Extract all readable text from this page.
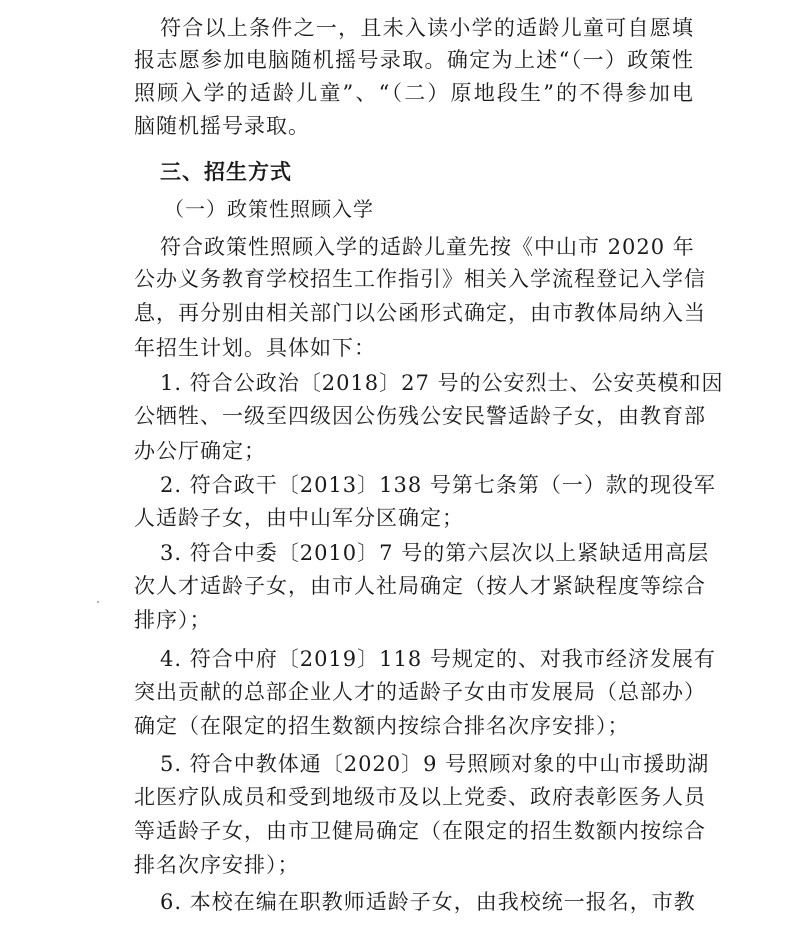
符合以上条件之一，且未入读小学的适龄儿童可自愿填
报志愿参加电脑随机摇号录取。确定为上述“（一）政策性
照顾入学的适龄儿童”、“（二）原地段生”的不得参加电
脑随机摇号录取。
三、招生方式
（一）政策性照顾入学
符合政策性照顾入学的适龄儿童先按《中山市 2020 年
公办义务教育学校招生工作指引》相关入学流程登记入学信
息，再分别由相关部门以公函形式确定，由市教体局纳入当
年招生计划。具体如下：
1. 符合公政治〔2018〕27 号的公安烈士、公安英模和因
公牺牲、一级至四级因公伤残公安民警适龄子女，由教育部
办公厅确定；
2. 符合政干〔2013〕138 号第七条第（一）款的现役军
人适龄子女，由中山军分区确定；
3. 符合中委〔2010〕7 号的第六层次以上紧缺适用高层
次人才适龄子女，由市人社局确定（按人才紧缺程度等综合
排序）；
4. 符合中府〔2019〕118 号规定的、对我市经济发展有
突出贡献的总部企业人才的适龄子女由市发展局（总部办）
确定（在限定的招生数额内按综合排名次序安排）；
5. 符合中教体通〔2020〕9 号照顾对象的中山市援助湖
北医疗队成员和受到地级市及以上党委、政府表彰医务人员
等适龄子女，由市卫健局确定（在限定的招生数额内按综合
排名次序安排）；
6. 本校在编在职教师适龄子女，由我校统一报名，市教
